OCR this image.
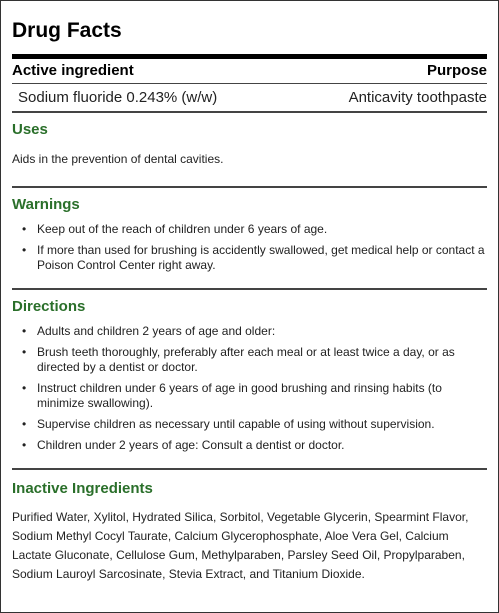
Drug Facts
Active ingredient	Purpose
Sodium fluoride 0.243% (w/w)	Anticavity toothpaste
Uses

Aids in the prevention of dental cavities.

Warnings
• Keep out of the reach of children under 6 years of age.
• If more than used for brushing is accidently swallowed, get medical help or contact a Poison Control Center right away.
Directions
• Adults and children 2 years of age and older:
• Brush teeth thoroughly, preferably after each meal or at least twice a day, or as directed by a dentist or doctor.
• Instruct children under 6 years of age in good brushing and rinsing habits (to minimize swallowing).
• Supervise children as necessary until capable of using without supervision.
• Children under 2 years of age: Consult a dentist or doctor.
Inactive Ingredients

Purified Water, Xylitol, Hydrated Silica, Sorbitol, Vegetable Glycerin, Spearmint Flavor, Sodium Methyl Cocyl Taurate, Calcium Glycerophosphate, Aloe Vera Gel, Calcium Lactate Gluconate, Cellulose Gum, Methylparaben, Parsley Seed Oil, Propylparaben, Sodium Lauroyl Sarcosinate, Stevia Extract, and Titanium Dioxide.
